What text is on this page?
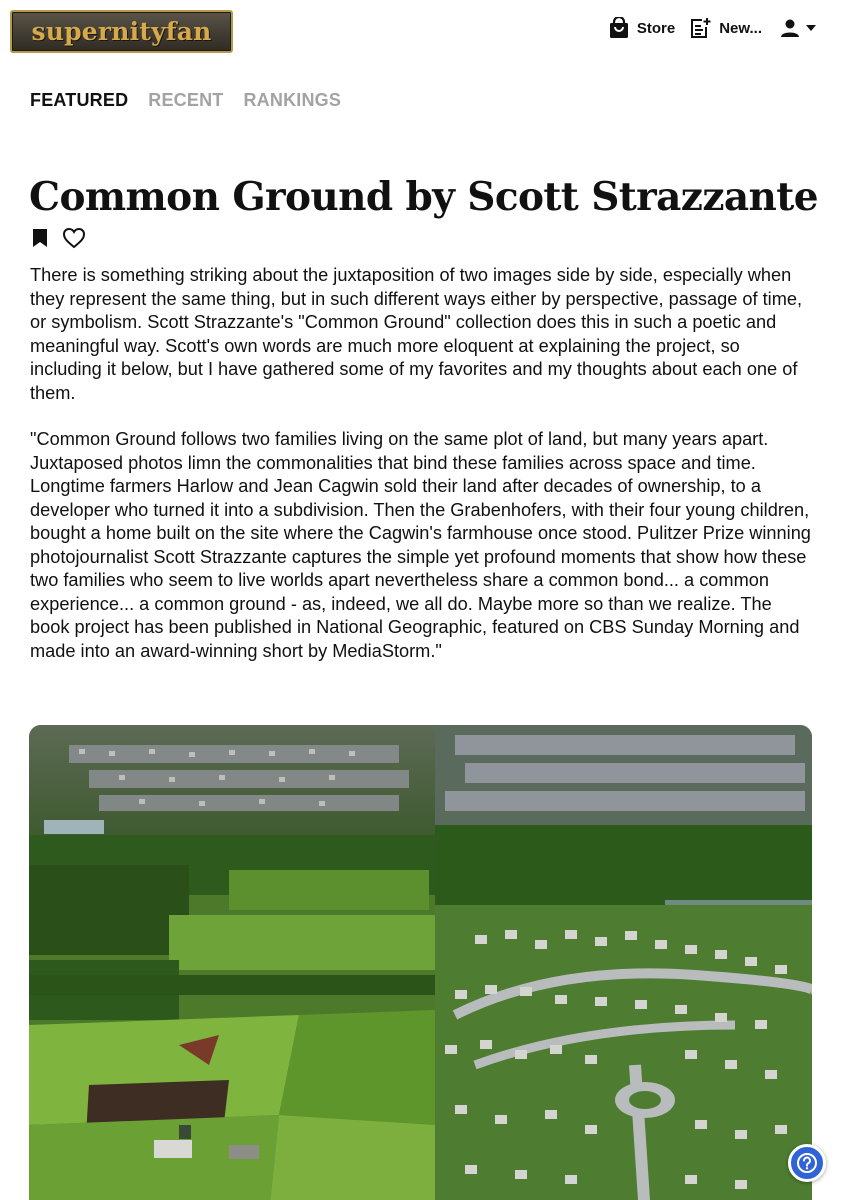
supernityfan	Store	New...
FEATURED RECENT RANKINGS
Common Ground by Scott Strazzante

There is something striking about the juxtaposition of two images side by side, especially when they represent the same thing, but in such different ways either by perspective, passage of time, or symbolism. Scott Strazzante's "Common Ground" collection does this in such a poetic and meaningful way. Scott's own words are much more eloquent at explaining the project, so including it below, but I have gathered some of my favorites and my thoughts about each one of them.

"Common Ground follows two families living on the same plot of land, but many years apart. Juxtaposed photos limn the commonalities that bind these families across space and time. Longtime farmers Harlow and Jean Cagwin sold their land after decades of ownership, to a developer who turned it into a subdivision. Then the Grabenhofers, with their four young children, bought a home built on the site where the Cagwin's farmhouse once stood. Pulitzer Prize winning photojournalist Scott Strazzante captures the simple yet profound moments that show how these two families who seem to live worlds apart nevertheless share a common bond... a common experience... a common ground - as, indeed, we all do. Maybe more so than we realize. The book project has been published in National Geographic, featured on CBS Sunday Morning and made into an award-winning short by MediaStorm."
